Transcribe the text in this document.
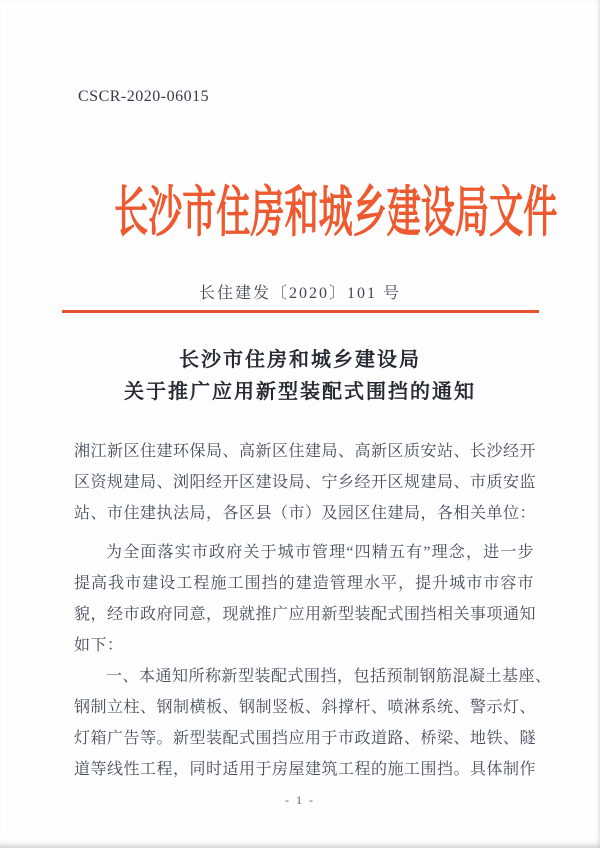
CSCR-2020-06015
长沙市住房和城乡建设局文件
长住建发〔2020〕101 号
长沙市住房和城乡建设局
关于推广应用新型装配式围挡的通知
湘江新区住建环保局、高新区住建局、高新区质安站、长沙经开
区资规建局、浏阳经开区建设局、宁乡经开区规建局、市质安监
站、市住建执法局，各区县（市）及园区住建局，各相关单位：
为全面落实市政府关于城市管理“四精五有”理念，进一步
提高我市建设工程施工围挡的建造管理水平，提升城市市容市
貌，经市政府同意，现就推广应用新型装配式围挡相关事项通知
如下：
一、本通知所称新型装配式围挡，包括预制钢筋混凝土基座、
钢制立柱、钢制横板、钢制竖板、斜撑杆、喷淋系统、警示灯、
灯箱广告等。新型装配式围挡应用于市政道路、桥梁、地铁、隧
道等线性工程，同时适用于房屋建筑工程的施工围挡。具体制作
- 1 -
